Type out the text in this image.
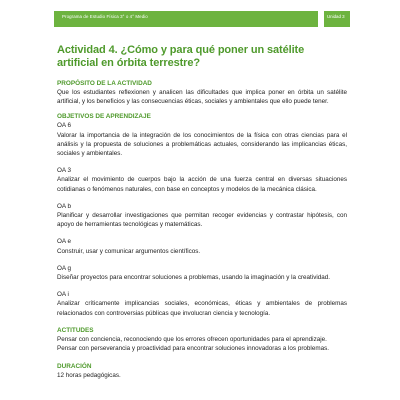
Programa de Estudio Física 3° o 4° Medio	Unidad 3
Actividad 4. ¿Cómo y para qué poner un satélite artificial en órbita terrestre?

PROPÓSITO DE LA ACTIVIDAD

Que los estudiantes reflexionen y analicen las dificultades que implica poner en órbita un satélite artificial, y los beneficios y las consecuencias éticas, sociales y ambientales que ello puede tener.

OBJETIVOS DE APRENDIZAJE

OA 6

Valorar la importancia de la integración de los conocimientos de la física con otras ciencias para el análisis y la propuesta de soluciones a problemáticas actuales, considerando las implicancias éticas, sociales y ambientales.

OA 3

Analizar el movimiento de cuerpos bajo la acción de una fuerza central en diversas situaciones cotidianas o fenómenos naturales, con base en conceptos y modelos de la mecánica clásica.

OA b

Planificar y desarrollar investigaciones que permitan recoger evidencias y contrastar hipótesis, con apoyo de herramientas tecnológicas y matemáticas.

OA e

Construir, usar y comunicar argumentos científicos.

OA g

Diseñar proyectos para encontrar soluciones a problemas, usando la imaginación y la creatividad.

OA i

Analizar críticamente implicancias sociales, económicas, éticas y ambientales de problemas relacionados con controversias públicas que involucran ciencia y tecnología.

ACTITUDES

Pensar con conciencia, reconociendo que los errores ofrecen oportunidades para el aprendizaje.

Pensar con perseverancia y proactividad para encontrar soluciones innovadoras a los problemas.

DURACIÓN

12 horas pedagógicas.
